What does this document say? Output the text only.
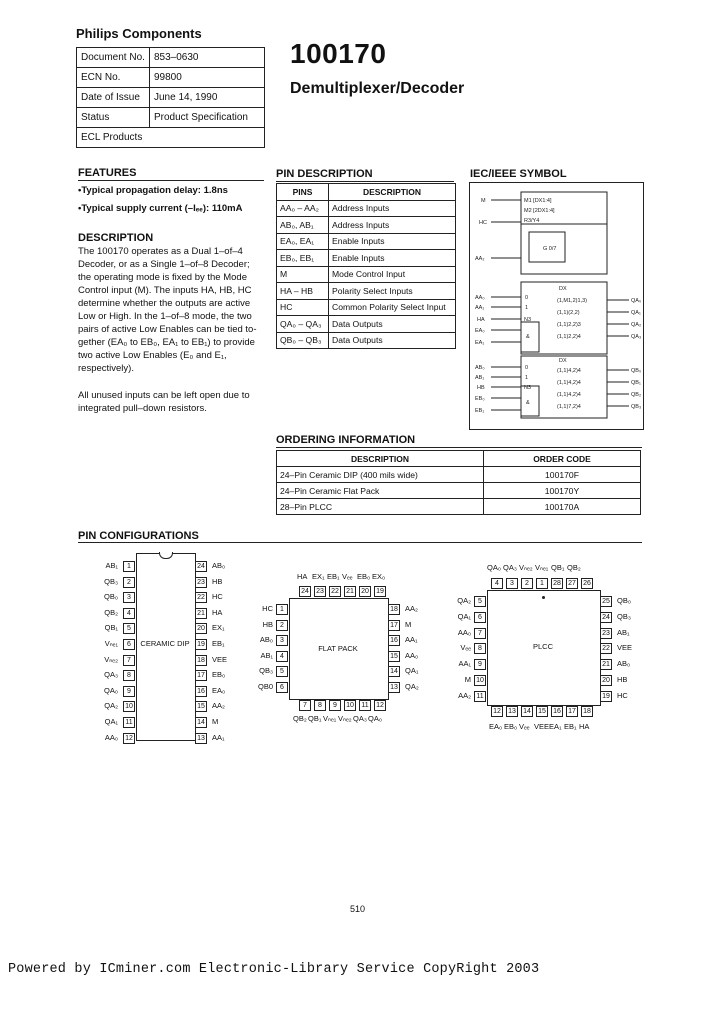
Philips Components
Document No.	853–0630
ECN No.	99800
Date of Issue	June 14, 1990
Status	Product Specification
ECL Products	
100170
Demultiplexer/Decoder
FEATURES
•Typical propagation delay: 1.8ns
•Typical supply current (–Iₑₑ): 110mA
DESCRIPTION
The 100170 operates as a Dual 1–of–4
Decoder, or as a Single 1–of–8 Decoder;
the operating mode is fixed by the Mode
Control input (M). The inputs HA, HB, HC
determine whether the outputs are active
Low or High. In the 1–of–8 mode, the two
pairs of active Low Enables can be tied to-
gether (EA₀ to EB₀, EA₁ to EB₁) to provide
two active Low Enables (E₀ and E₁,
respectively).
All unused inputs can be left open due to
integrated pull–down resistors.
PIN DESCRIPTION
PINS	DESCRIPTION
AA₀ – AA₂	Address Inputs
AB₀, AB₁	Address Inputs
EA₀, EA₁	Enable Inputs
EB₀, EB₁	Enable Inputs
M	Mode Control Input
HA – HB	Polarity Select Inputs
HC	Common Polarity Select Input
QA₀ – QA₃	Data Outputs
QB₀ – QB₃	Data Outputs
IEC/IEEE SYMBOL
M
HC
AA₂
M1 [DX1:4]
M2 [2DX1:4]
R3/Y4
G 0/7
AA₀
AA₁
HA
EA₀
EA₁
AB₀
AB₁
HB
EB₀
EB₁
DX
DX
(1,M1,2)1,3)
(1,1)(2,2)
(1,1)2,2)3
(1,1)2,2)4
(1,1)4,2)4
(1,1)4,2)4
(1,1)4,2)4
(1,1)7,2)4
QA₀
QA₁
QA₂
QA₃
QB₀
QB₁
QB₂
QB₃
0
1
N3
&
0
1
N3
&
ORDERING INFORMATION
DESCRIPTION	ORDER CODE
24–Pin Ceramic DIP (400 mils wide)	100170F
24–Pin Ceramic Flat Pack	100170Y
28–Pin PLCC	100170A
PIN CONFIGURATIONS
CERAMIC DIP
1
AB₁
2
QB₃
3
QB₀
4
QB₂
5
QB₁
6
Vₙₑ₁
7
Vₙₑ₂
8
QA₃
9
QA₀
10
QA₂
11
QA₁
12
AA₀
24 AB₀
23 HB
22 HC
21 HA
20 EX₁
19 EB₁
18 VEE
17 EB₀
16 EA₀
15 AA₂
14 M
13 AA₁
FLAT PACK
24	23	22	21	20	19
HA EX₁ EB₁ Vₑₑ EB₀ EX₀
1
HC
2
HB
3
AB₀
4
AB₁
5
QB₃
6
QB0
18 AA₂
17 M
16 AA₁
15 AA₀
14 QA₁
13 QA₂
7	8	9	10	11	12
QB₂ QB₁ Vₙₑ₁ Vₙₑ₂ QA₃ QA₀
PLCC
4	3	2	1	28	27	26
QA₀ QA₃ Vₙₑ₂ Vₙₑ₁ QB₁ QB₂
5
QA₂
6
QA₁
7
AA₀
8
Vₑₑ
9
AA₁
10
M
11
AA₂
25 QB₀
24 QB₃
23 AB₁
22 VEE
21 AB₀
20 HB
19 HC
12	13	14	15	16	17	18
EA₀ EB₀ Vₑₑ VEE EA₁ EB₁ HA
510
Powered by ICminer.com Electronic-Library Service CopyRight 2003
